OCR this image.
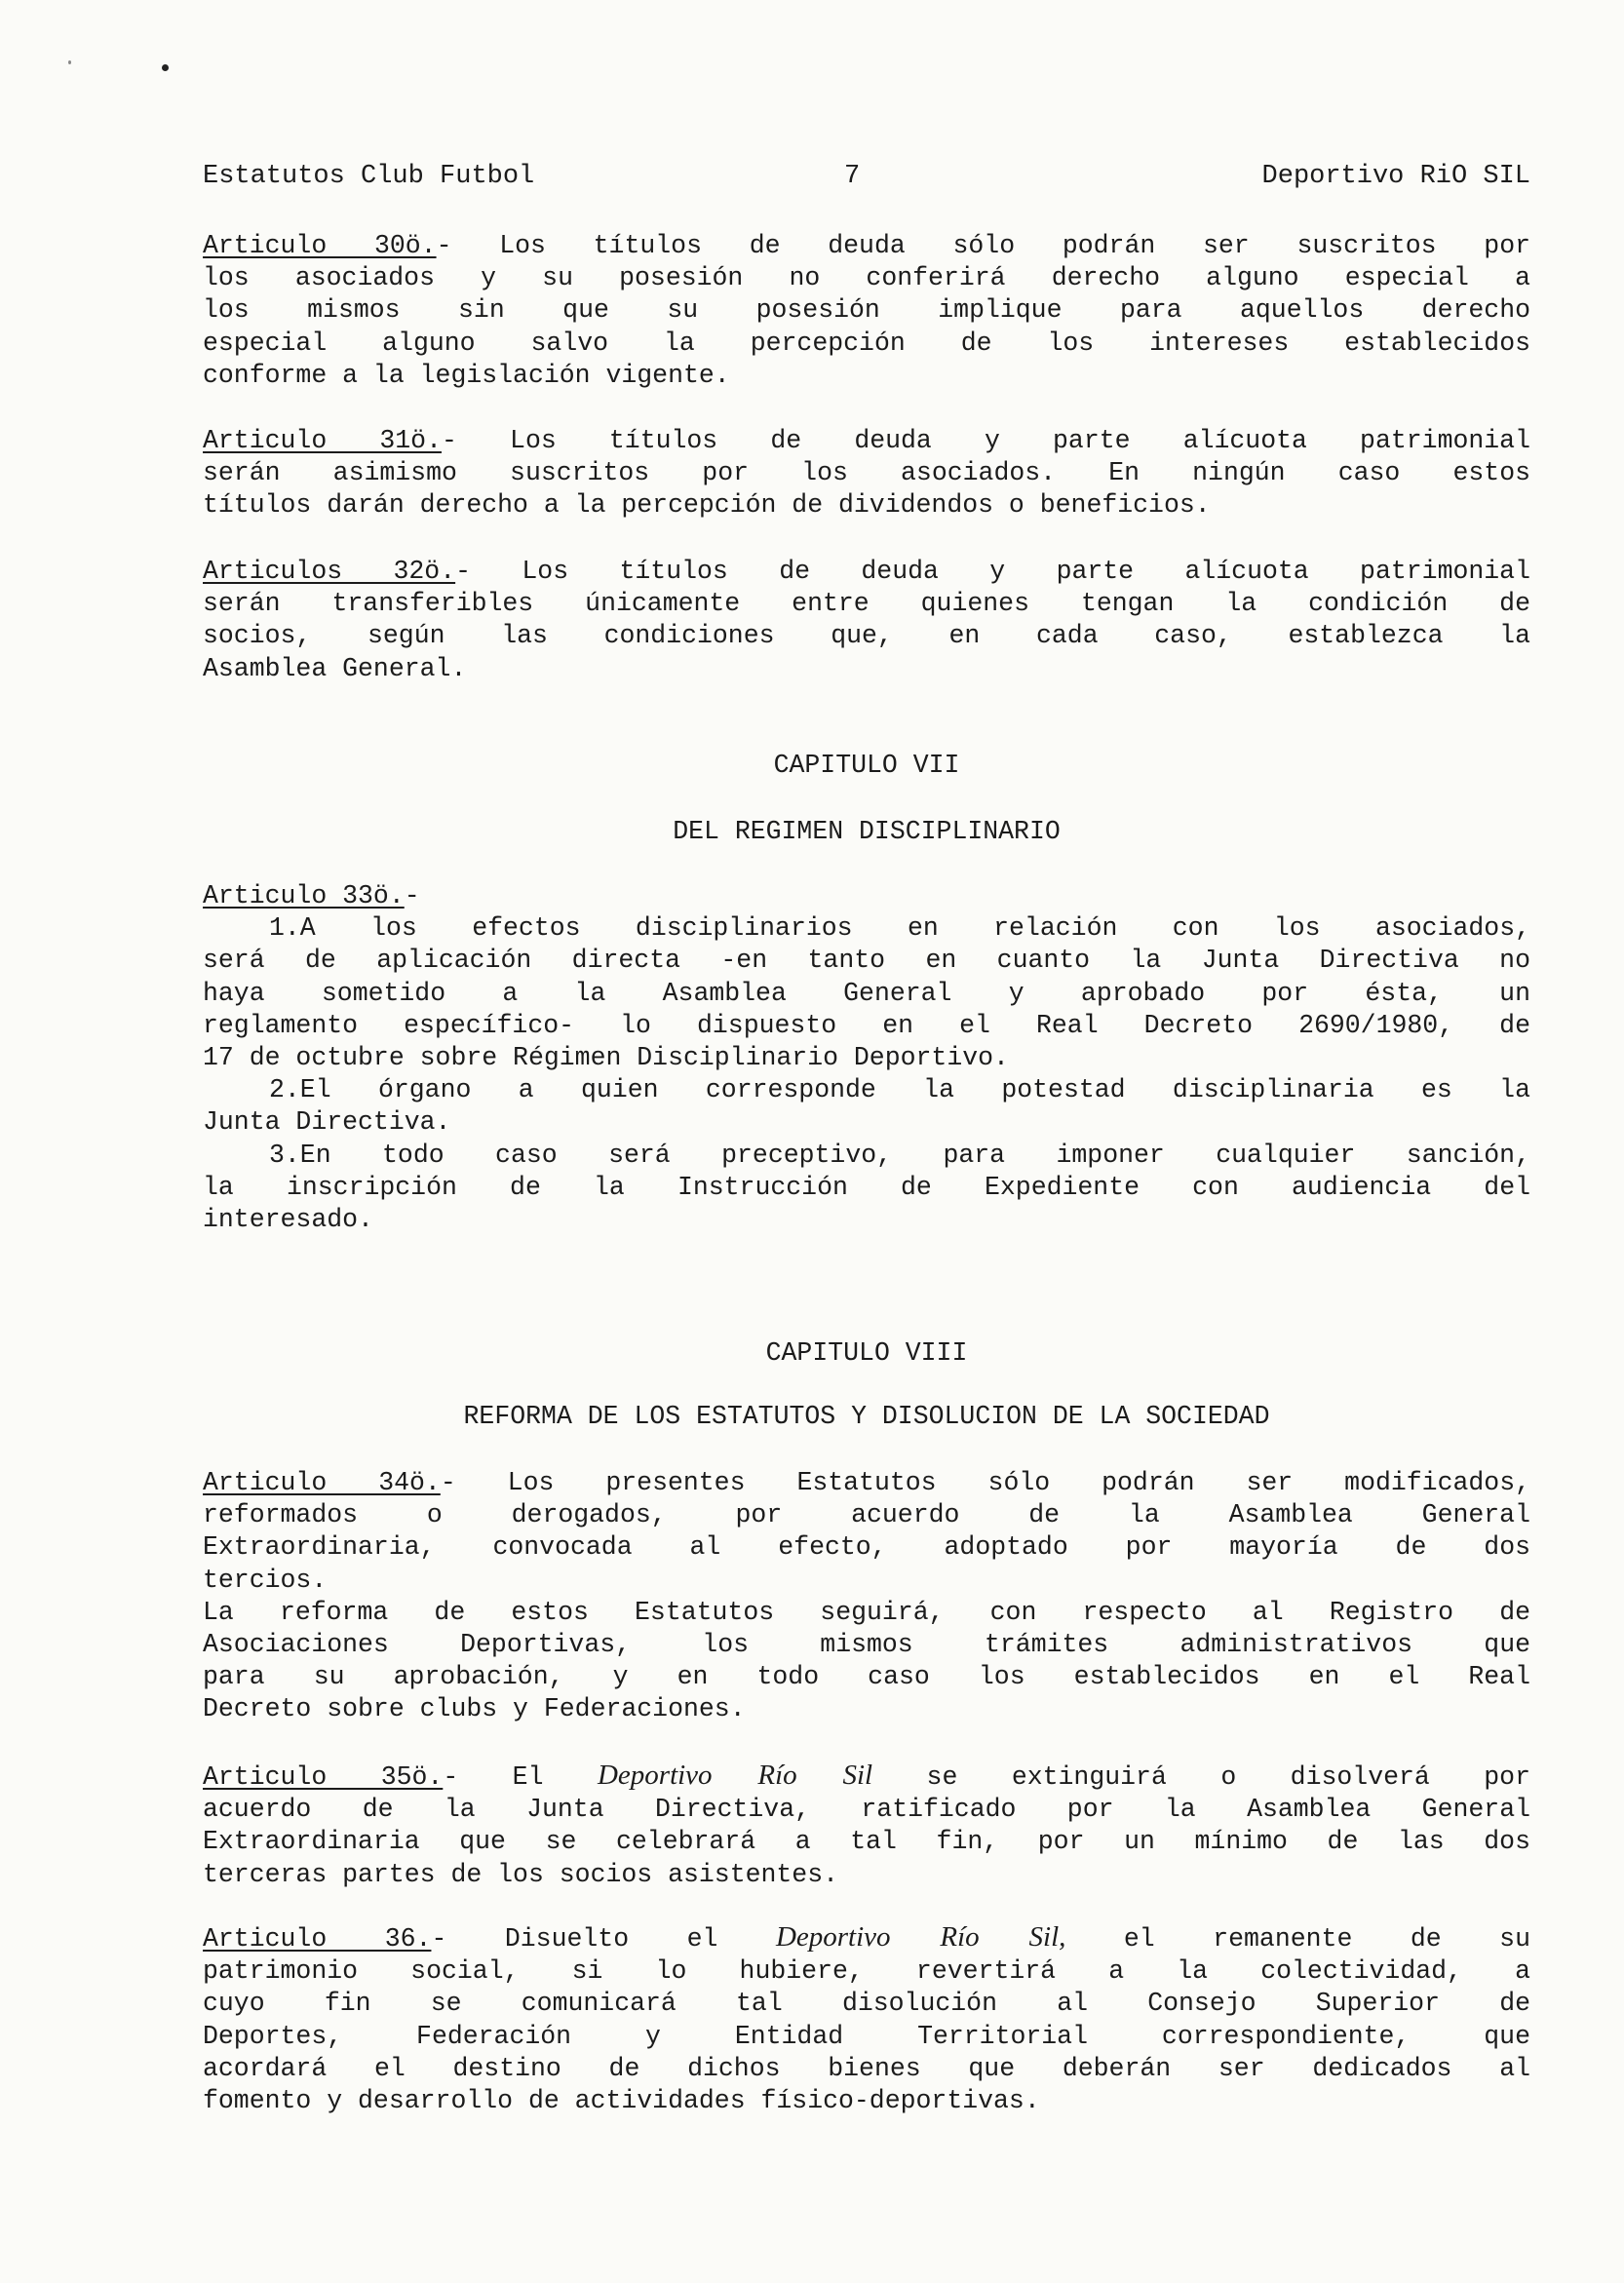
Estatutos Club Futbol	7	Deportivo RiO SIL
Articulo 30ö.- Los títulos de deuda sólo podrán ser suscritos por
los asociados y su posesión no conferirá derecho alguno especial a
los mismos sin que su posesión implique para aquellos derecho
especial alguno salvo la percepción de los intereses establecidos
conforme a la legislación vigente.
Articulo 31ö.- Los títulos de deuda y parte alícuota patrimonial
serán asimismo suscritos por los asociados. En ningún caso estos
títulos darán derecho a la percepción de dividendos o beneficios.
Articulos 32ö.- Los títulos de deuda y parte alícuota patrimonial
serán transferibles únicamente entre quienes tengan la condición de
socios, según las condiciones que, en cada caso, establezca la
Asamblea General.
CAPITULO VII
DEL REGIMEN DISCIPLINARIO
Articulo 33ö.-
1.A los efectos disciplinarios en relación con los asociados,
será de aplicación directa -en tanto en cuanto la Junta Directiva no
haya sometido a la Asamblea General y aprobado por ésta, un
reglamento específico- lo dispuesto en el Real Decreto 2690/1980, de
17 de octubre sobre Régimen Disciplinario Deportivo.
2.El órgano a quien corresponde la potestad disciplinaria es la
Junta Directiva.
3.En todo caso será preceptivo, para imponer cualquier sanción,
la inscripción de la Instrucción de Expediente con audiencia del
interesado.
CAPITULO VIII
REFORMA DE LOS ESTATUTOS Y DISOLUCION DE LA SOCIEDAD
Articulo 34ö.- Los presentes Estatutos sólo podrán ser modificados,
reformados o derogados, por acuerdo de la Asamblea General
Extraordinaria, convocada al efecto, adoptado por mayoría de dos
tercios.
La reforma de estos Estatutos seguirá, con respecto al Registro de
Asociaciones Deportivas, los mismos trámites administrativos que
para su aprobación, y en todo caso los establecidos en el Real
Decreto sobre clubs y Federaciones.
Articulo 35ö.- El Deportivo Río Sil se extinguirá o disolverá por
acuerdo de la Junta Directiva, ratificado por la Asamblea General
Extraordinaria que se celebrará a tal fin, por un mínimo de las dos
terceras partes de los socios asistentes.
Articulo 36.- Disuelto el Deportivo Río Sil, el remanente de su
patrimonio social, si lo hubiere, revertirá a la colectividad, a
cuyo fin se comunicará tal disolución al Consejo Superior de
Deportes, Federación y Entidad Territorial correspondiente, que
acordará el destino de dichos bienes que deberán ser dedicados al
fomento y desarrollo de actividades físico-deportivas.
